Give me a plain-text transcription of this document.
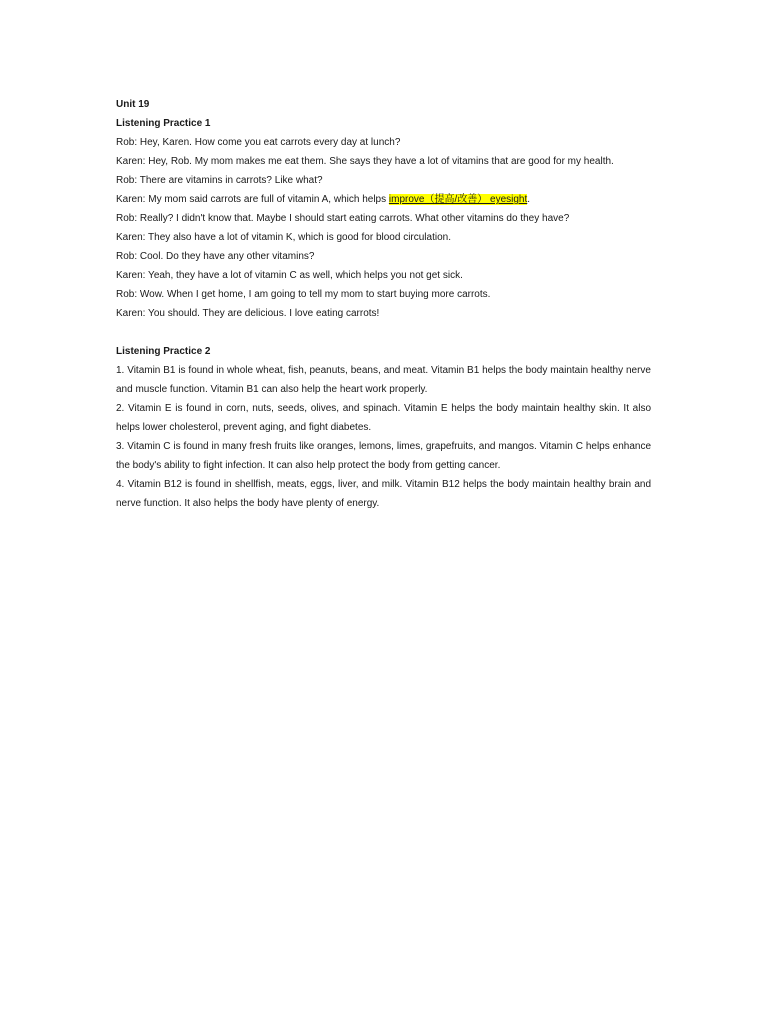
Unit 19
Listening Practice 1
Rob: Hey, Karen. How come you eat carrots every day at lunch?
Karen: Hey, Rob. My mom makes me eat them. She says they have a lot of vitamins that are good for my health.
Rob: There are vitamins in carrots? Like what?
Karen: My mom said carrots are full of vitamin A, which helps improve（提高/改善） eyesight.
Rob: Really? I didn't know that. Maybe I should start eating carrots. What other vitamins do they have?
Karen: They also have a lot of vitamin K, which is good for blood circulation.
Rob: Cool. Do they have any other vitamins?
Karen: Yeah, they have a lot of vitamin C as well, which helps you not get sick.
Rob: Wow. When I get home, I am going to tell my mom to start buying more carrots.
Karen: You should. They are delicious. I love eating carrots!
Listening Practice 2
1. Vitamin B1 is found in whole wheat, fish, peanuts, beans, and meat. Vitamin B1 helps the body maintain healthy nerve and muscle function. Vitamin B1 can also help the heart work properly.
2. Vitamin E is found in corn, nuts, seeds, olives, and spinach. Vitamin E helps the body maintain healthy skin. It also helps lower cholesterol, prevent aging, and fight diabetes.
3. Vitamin C is found in many fresh fruits like oranges, lemons, limes, grapefruits, and mangos. Vitamin C helps enhance the body's ability to fight infection. It can also help protect the body from getting cancer.
4. Vitamin B12 is found in shellfish, meats, eggs, liver, and milk. Vitamin B12 helps the body maintain healthy brain and nerve function. It also helps the body have plenty of energy.
